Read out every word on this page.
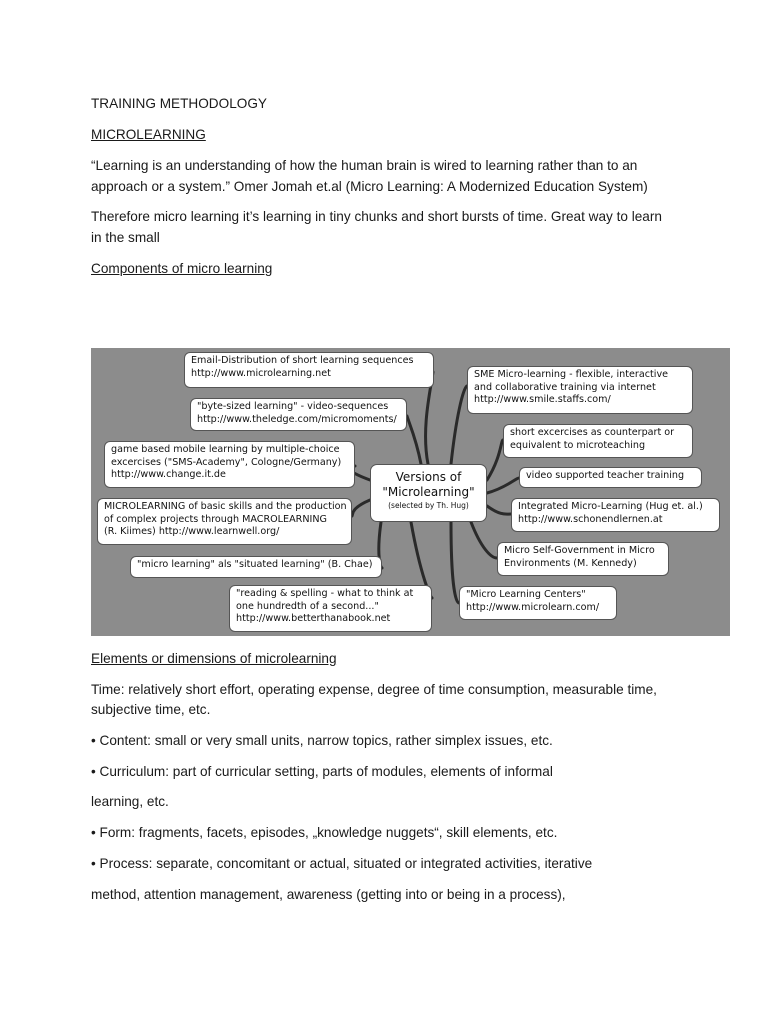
TRAINING METHODOLOGY

MICROLEARNING

“Learning is an understanding of how the human brain is wired to learning rather than to an

approach or a system.” Omer Jomah et.al (Micro Learning: A Modernized Education System)

Therefore micro learning it’s learning in tiny chunks and short bursts of time. Great way to learn

in the small

Components of micro learning

Versions of
"Microlearning"
(selected by Th. Hug)
Email-Distribution of short learning sequences
http://www.microlearning.net
"byte-sized learning" - video-sequences
http://www.theledge.com/micromoments/
game based mobile learning by multiple-choice
excercises ("SMS-Academy", Cologne/Germany)
http://www.change.it.de
MICROLEARNING of basic skills and the production
of complex projects through MACROLEARNING
(R. Kiimes) http://www.learnwell.org/
"micro learning" als "situated learning" (B. Chae)
"reading & spelling - what to think at
one hundredth of a second..."
http://www.betterthanabook.net
SME Micro-learning - flexible, interactive
and collaborative training via internet
http://www.smile.staffs.com/
short excercises as counterpart or
equivalent to microteaching
video supported teacher training
Integrated Micro-Learning (Hug et. al.)
http://www.schonendlernen.at
Micro Self-Government in Micro
Environments (M. Kennedy)
"Micro Learning Centers"
http://www.microlearn.com/

Elements or dimensions of microlearning

Time: relatively short effort, operating expense, degree of time consumption, measurable time,

subjective time, etc.

• Content: small or very small units, narrow topics, rather simplex issues, etc.

• Curriculum: part of curricular setting, parts of modules, elements of informal

learning, etc.

• Form: fragments, facets, episodes, „knowledge nuggets“, skill elements, etc.

• Process: separate, concomitant or actual, situated or integrated activities, iterative

method, attention management, awareness (getting into or being in a process),
